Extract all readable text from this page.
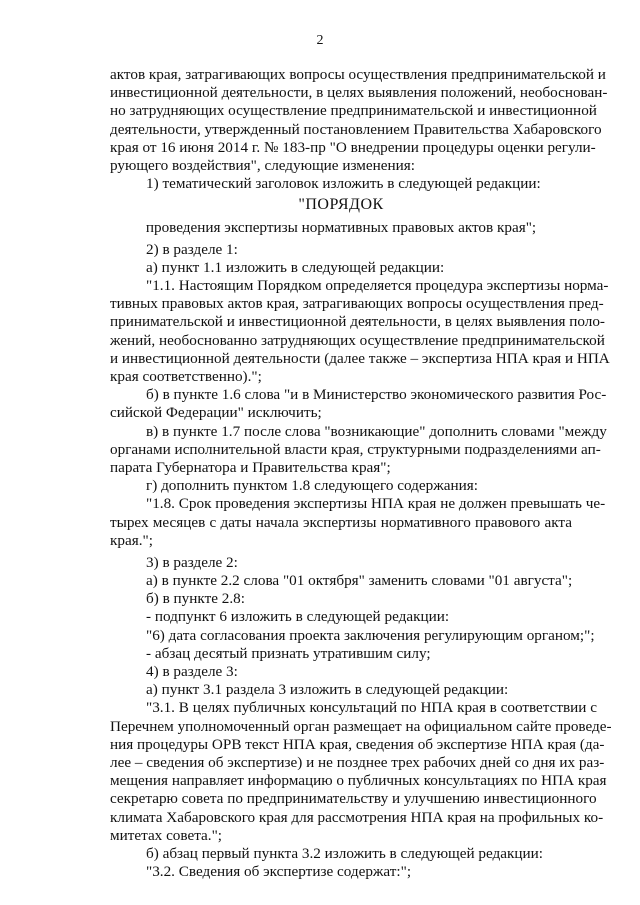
2
актов края, затрагивающих вопросы осуществления предпринимательской и
инвестиционной деятельности, в целях выявления положений, необоснован-
но затрудняющих осуществление предпринимательской и инвестиционной
деятельности, утвержденный постановлением Правительства Хабаровского
края от 16 июня 2014 г. № 183-пр "О внедрении процедуры оценки регули-
рующего воздействия", следующие изменения:
1) тематический заголовок изложить в следующей редакции:
"ПОРЯДОК
проведения экспертизы нормативных правовых актов края";
2) в разделе 1:
а) пункт 1.1 изложить в следующей редакции:
"1.1. Настоящим Порядком определяется процедура экспертизы норма-
тивных правовых актов края, затрагивающих вопросы осуществления пред-
принимательской и инвестиционной деятельности, в целях выявления поло-
жений, необоснованно затрудняющих осуществление предпринимательской
и инвестиционной деятельности (далее также – экспертиза НПА края и НПА
края соответственно).";
б) в пункте 1.6 слова "и в Министерство экономического развития Рос-
сийской Федерации" исключить;
в) в пункте 1.7 после слова "возникающие" дополнить словами "между
органами исполнительной власти края, структурными подразделениями ап-
парата Губернатора и Правительства края";
г) дополнить пунктом 1.8 следующего содержания:
"1.8. Срок проведения экспертизы НПА края не должен превышать че-
тырех месяцев с даты начала экспертизы нормативного правового акта
края.";
3) в разделе 2:
а) в пункте 2.2 слова "01 октября" заменить словами "01 августа";
б) в пункте 2.8:
- подпункт 6 изложить в следующей редакции:
"6) дата согласования проекта заключения регулирующим органом;";
- абзац десятый признать утратившим силу;
4) в разделе 3:
а) пункт 3.1 раздела 3 изложить в следующей редакции:
"3.1. В целях публичных консультаций по НПА края в соответствии с
Перечнем уполномоченный орган размещает на официальном сайте проведе-
ния процедуры ОРВ текст НПА края, сведения об экспертизе НПА края (да-
лее – сведения об экспертизе) и не позднее трех рабочих дней со дня их раз-
мещения направляет информацию о публичных консультациях по НПА края
секретарю совета по предпринимательству и улучшению инвестиционного
климата Хабаровского края для рассмотрения НПА края на профильных ко-
митетах совета.";
б) абзац первый пункта 3.2 изложить в следующей редакции:
"3.2. Сведения об экспертизе содержат:";
